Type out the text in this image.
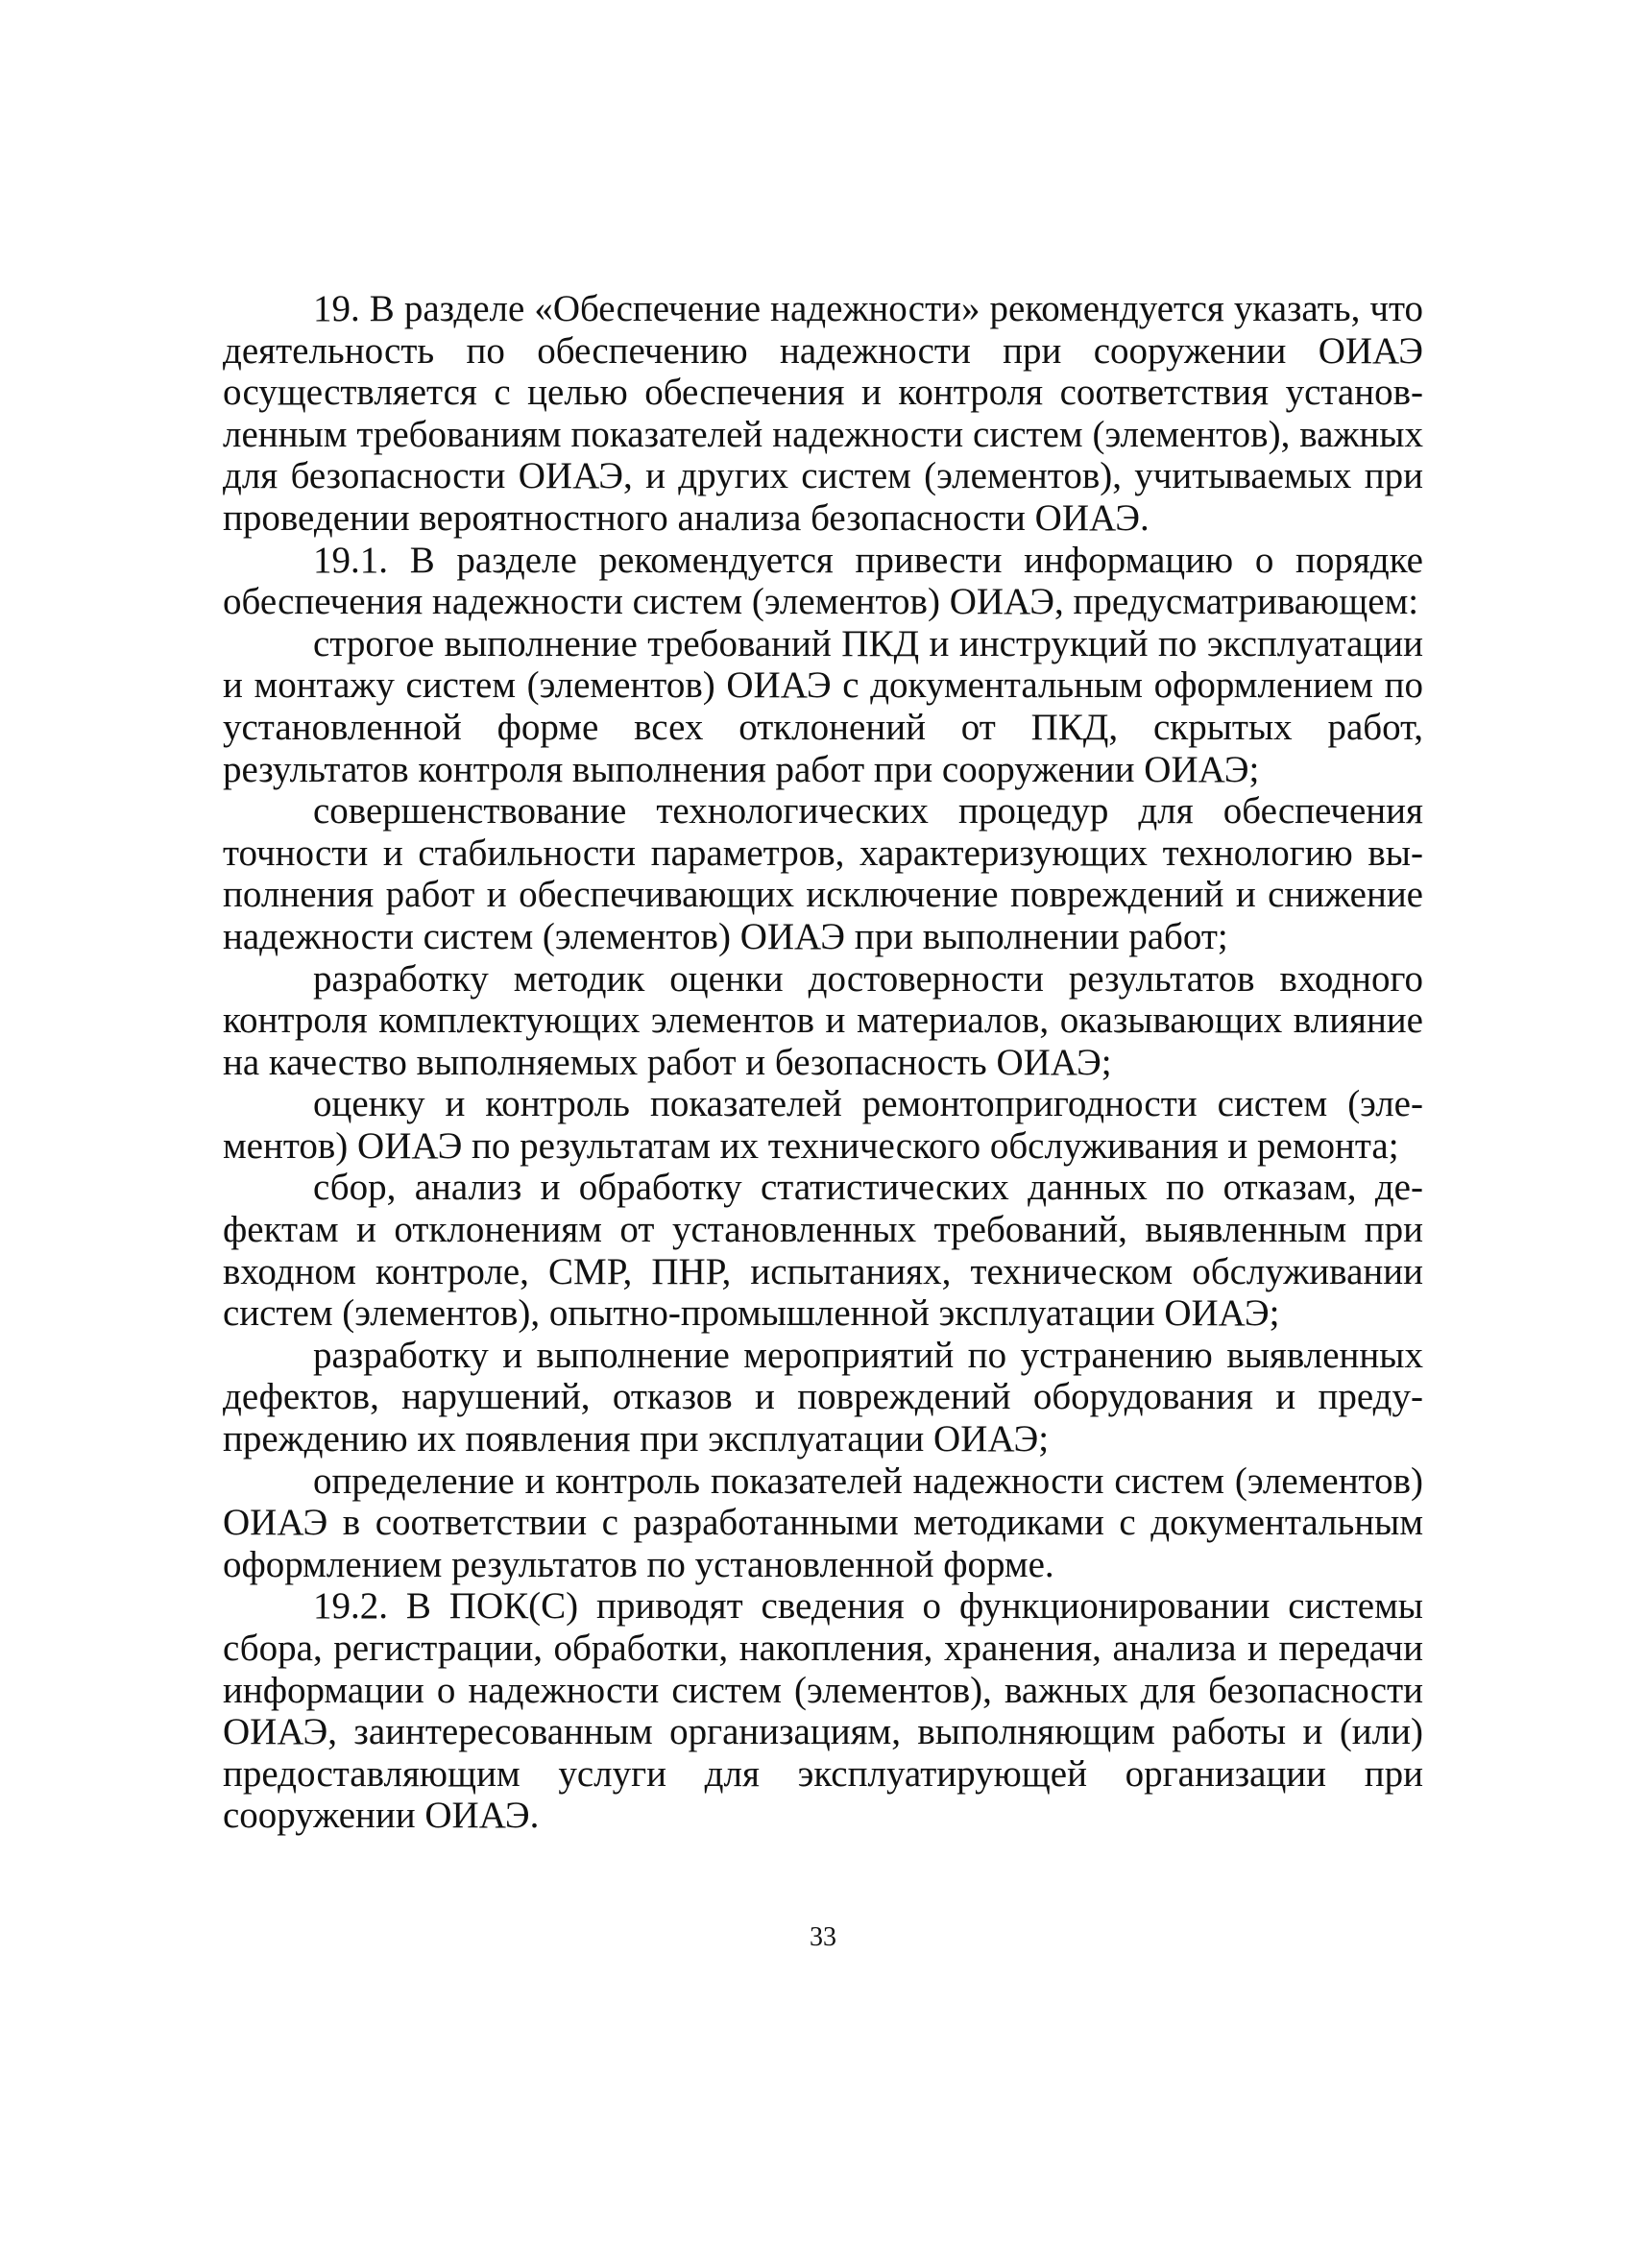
19. В разделе «Обеспечение надежности» рекомендуется указать, что деятельность по обеспечению надежности при сооружении ОИАЭ осуществляется с целью обеспечения и контроля соответствия установленным требованиям показателей надежности систем (элементов), важных для безопасности ОИАЭ, и других систем (элементов), учитываемых при проведении вероятностного анализа безопасности ОИАЭ.

19.1. В разделе рекомендуется привести информацию о порядке обеспечения надежности систем (элементов) ОИАЭ, предусматривающем:

строгое выполнение требований ПКД и инструкций по эксплуатации и монтажу систем (элементов) ОИАЭ с документальным оформлением по установленной форме всех отклонений от ПКД, скрытых работ, результатов контроля выполнения работ при сооружении ОИАЭ;

совершенствование технологических процедур для обеспечения точности и стабильности параметров, характеризующих технологию выполнения работ и обеспечивающих исключение повреждений и снижение надежности систем (элементов) ОИАЭ при выполнении работ;

разработку методик оценки достоверности результатов входного контроля комплектующих элементов и материалов, оказывающих влияние на качество выполняемых работ и безопасность ОИАЭ;

оценку и контроль показателей ремонтопригодности систем (элементов) ОИАЭ по результатам их технического обслуживания и ремонта;

сбор, анализ и обработку статистических данных по отказам, дефектам и отклонениям от установленных требований, выявленным при входном контроле, СМР, ПНР, испытаниях, техническом обслуживании систем (элементов), опытно-промышленной эксплуатации ОИАЭ;

разработку и выполнение мероприятий по устранению выявленных дефектов, нарушений, отказов и повреждений оборудования и предупреждению их появления при эксплуатации ОИАЭ;

определение и контроль показателей надежности систем (элементов) ОИАЭ в соответствии с разработанными методиками с документальным оформлением результатов по установленной форме.

19.2. В ПОК(С) приводят сведения о функционировании системы сбора, регистрации, обработки, накопления, хранения, анализа и передачи информации о надежности систем (элементов), важных для безопасности ОИАЭ, заинтересованным организациям, выполняющим работы и (или) предоставляющим услуги для эксплуатирующей организации при сооружении ОИАЭ.

33
